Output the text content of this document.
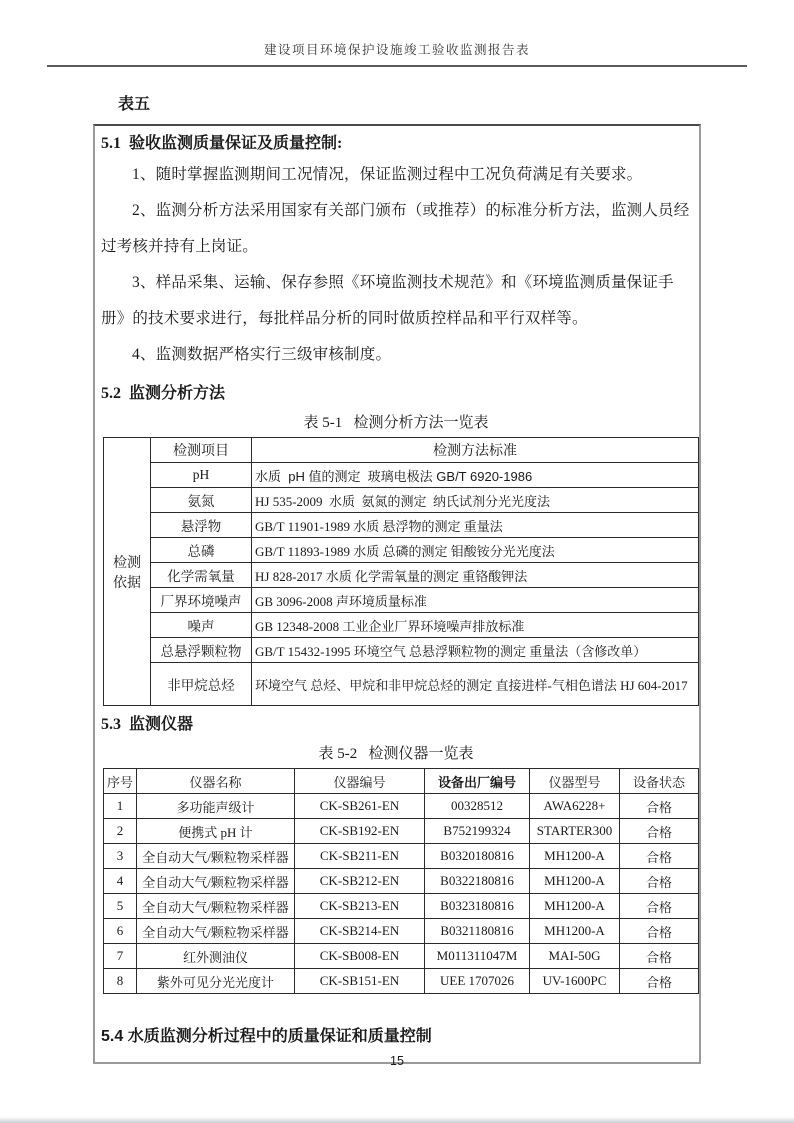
建设项目环境保护设施竣工验收监测报告表
表五
5.1  验收监测质量保证及质量控制:

1、随时掌握监测期间工况情况，保证监测过程中工况负荷满足有关要求。

2、监测分析方法采用国家有关部门颁布（或推荐）的标准分析方法，监测人员经过考核并持有上岗证。

3、样品采集、运输、保存参照《环境监测技术规范》和《环境监测质量保证手册》的技术要求进行，每批样品分析的同时做质控样品和平行双样等。

4、监测数据严格实行三级审核制度。

5.2  监测分析方法
表 5-1   检测分析方法一览表
检测依据	检测项目	检测方法标准
	pH	水质  pH 值的测定  玻璃电极法 GB/T 6920-1986
	氨氮	HJ 535-2009  水质  氨氮的测定  纳氏试剂分光光度法
	悬浮物	GB/T 11901-1989 水质 悬浮物的测定 重量法
	总磷	GB/T 11893-1989 水质 总磷的测定 钼酸铵分光光度法
	化学需氧量	HJ 828-2017 水质 化学需氧量的测定 重铬酸钾法
	厂界环境噪声	GB 3096-2008 声环境质量标准
	噪声	GB 12348-2008 工业企业厂界环境噪声排放标准
	总悬浮颗粒物	GB/T 15432-1995 环境空气 总悬浮颗粒物的测定 重量法（含修改单）
	非甲烷总烃	环境空气 总烃、甲烷和非甲烷总烃的测定 直接进样-气相色谱法 HJ 604-2017
5.3  监测仪器
表 5-2   检测仪器一览表
序号	仪器名称	仪器编号	设备出厂编号	仪器型号	设备状态
1	多功能声级计	CK-SB261-EN	00328512	AWA6228+	合格
2	便携式 pH 计	CK-SB192-EN	B752199324	STARTER300	合格
3	全自动大气/颗粒物采样器	CK-SB211-EN	B0320180816	MH1200-A	合格
4	全自动大气/颗粒物采样器	CK-SB212-EN	B0322180816	MH1200-A	合格
5	全自动大气/颗粒物采样器	CK-SB213-EN	B0323180816	MH1200-A	合格
6	全自动大气/颗粒物采样器	CK-SB214-EN	B0321180816	MH1200-A	合格
7	红外测油仪	CK-SB008-EN	M011311047M	MAI-50G	合格
8	紫外可见分光光度计	CK-SB151-EN	UEE 1707026	UV-1600PC	合格
5.4 水质监测分析过程中的质量保证和质量控制
15
